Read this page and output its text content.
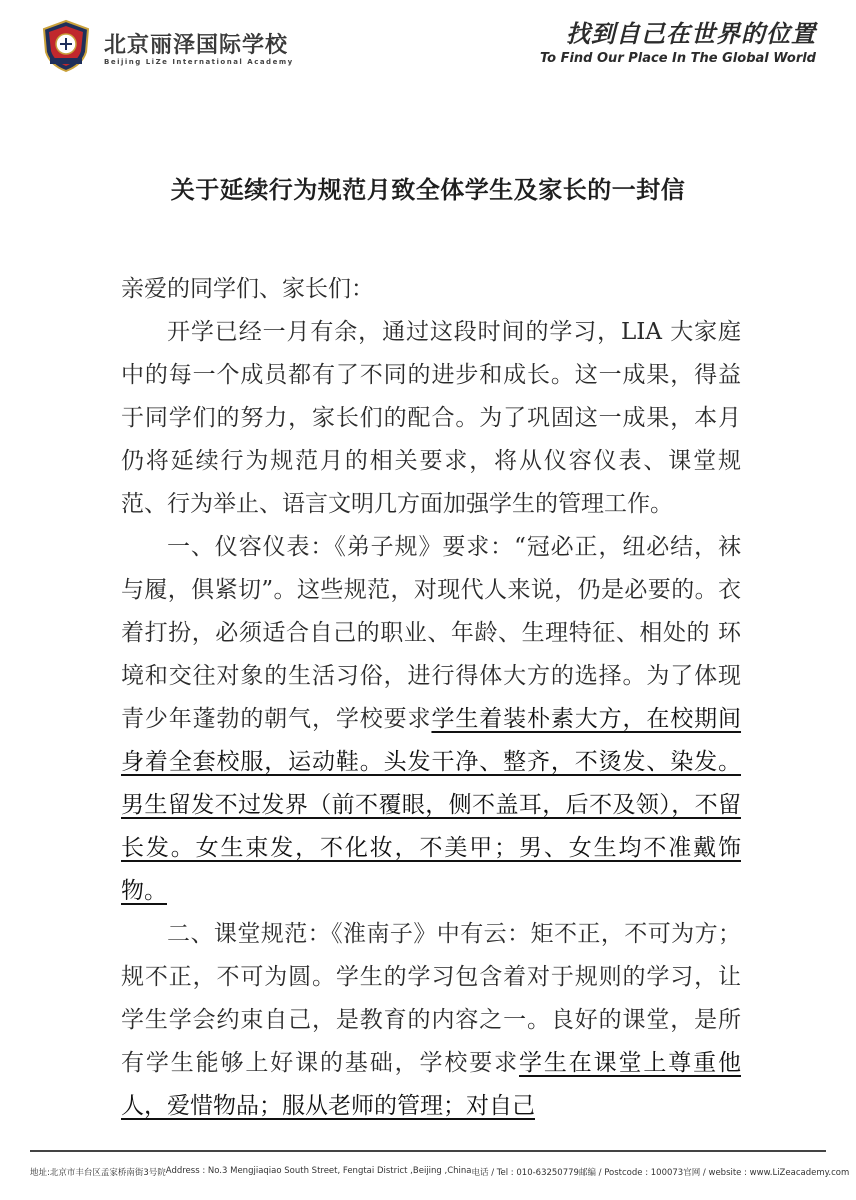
北京丽泽国际学校
Beijing LiZe International Academy
找到自己在世界的位置
To Find Our Place In The Global World
关于延续行为规范月致全体学生及家长的一封信

亲爱的同学们、家长们：

开学已经一月有余，通过这段时间的学习，LIA 大家庭中的每一个成员都有了不同的进步和成长。这一成果，得益于同学们的努力，家长们的配合。为了巩固这一成果，本月仍将延续行为规范月的相关要求，将从仪容仪表、课堂规范、行为举止、语言文明几方面加强学生的管理工作。

一、仪容仪表：《弟子规》要求：“冠必正，纽必结，袜与履，俱紧切”。这些规范，对现代人来说，仍是必要的。衣着打扮，必须适合自己的职业、年龄、生理特征、相处的 环境和交往对象的生活习俗，进行得体大方的选择。为了体现青少年蓬勃的朝气，学校要求学生着装朴素大方，在校期间身着全套校服，运动鞋。头发干净、整齐，不烫发、染发。男生留发不过发界（前不覆眼，侧不盖耳，后不及领），不留长发。女生束发，不化妆，不美甲；男、女生均不准戴饰物。

二、课堂规范：《淮南子》中有云：矩不正，不可为方；规不正，不可为圆。学生的学习包含着对于规则的学习，让学生学会约束自己，是教育的内容之一。良好的课堂，是所有学生能够上好课的基础，学校要求学生在课堂上尊重他人，爱惜物品；服从老师的管理；对自己

地址:北京市丰台区孟家桥南街3号院 Address : No.3 Mengjiaqiao South Street, Fengtai District ,Beijing ,China 电话 / Tel : 010-63250779 邮编 / Postcode : 100073 官网 / website : www.LiZeacademy.com
